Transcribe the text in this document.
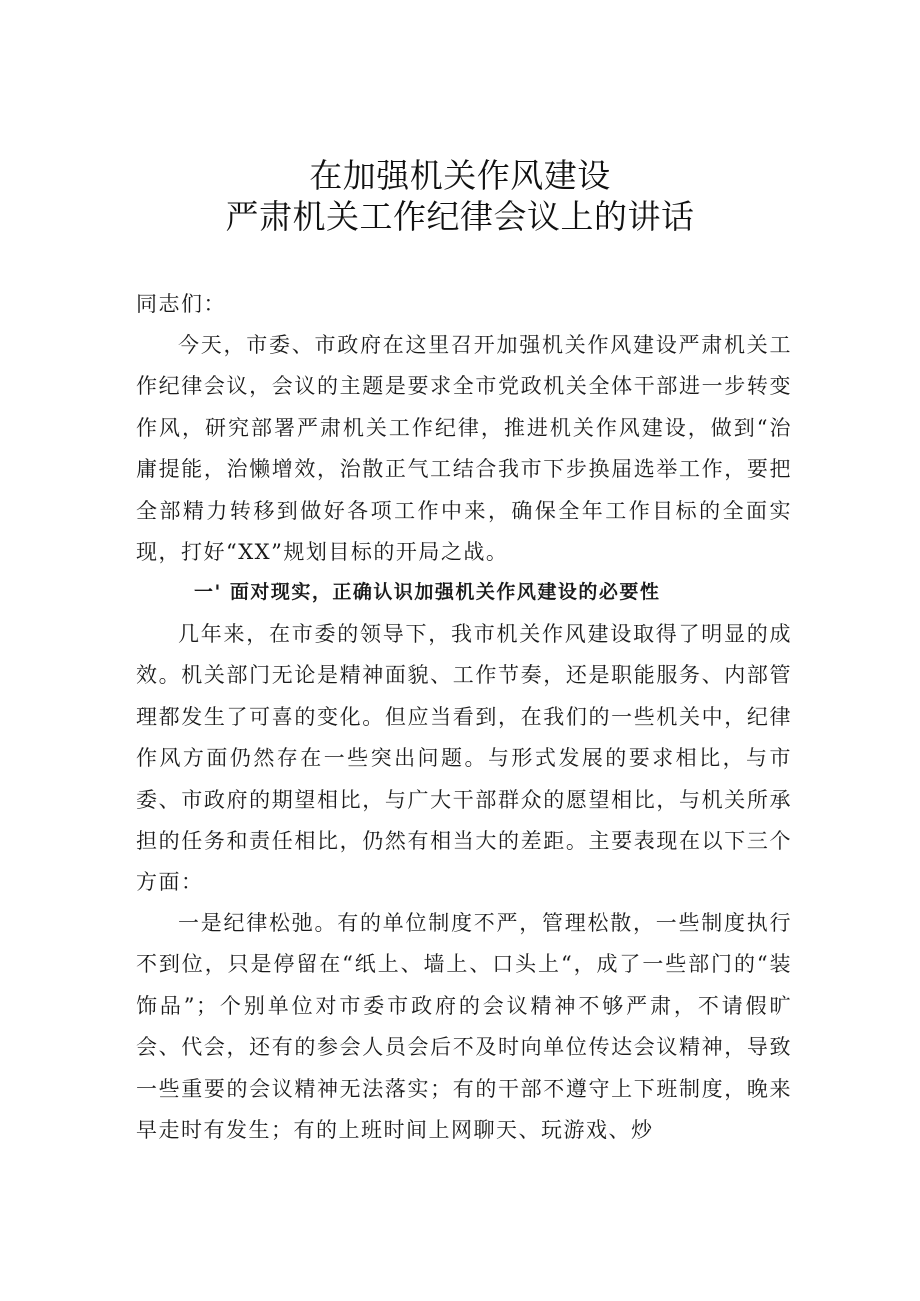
在加强机关作风建设
严肃机关工作纪律会议上的讲话

同志们：

今天，市委、市政府在这里召开加强机关作风建设严肃机关工作纪律会议，会议的主题是要求全市党政机关全体干部进一步转变作风，研究部署严肃机关工作纪律，推进机关作风建设，做到“治庸提能，治懒增效，治散正气工结合我市下步换届选举工作，要把全部精力转移到做好各项工作中来，确保全年工作目标的全面实现，打好“XX”规划目标的开局之战。

一' 面对现实，正确认识加强机关作风建设的必要性

几年来，在市委的领导下，我市机关作风建设取得了明显的成效。机关部门无论是精神面貌、工作节奏，还是职能服务、内部管理都发生了可喜的变化。但应当看到，在我们的一些机关中，纪律作风方面仍然存在一些突出问题。与形式发展的要求相比，与市委、市政府的期望相比，与广大干部群众的愿望相比，与机关所承担的任务和责任相比，仍然有相当大的差距。主要表现在以下三个方面：

一是纪律松弛。有的单位制度不严，管理松散，一些制度执行不到位，只是停留在“纸上、墙上、口头上“，成了一些部门的“装饰品”；个别单位对市委市政府的会议精神不够严肃，不请假旷会、代会，还有的参会人员会后不及时向单位传达会议精神，导致一些重要的会议精神无法落实；有的干部不遵守上下班制度，晚来早走时有发生；有的上班时间上网聊天、玩游戏、炒
